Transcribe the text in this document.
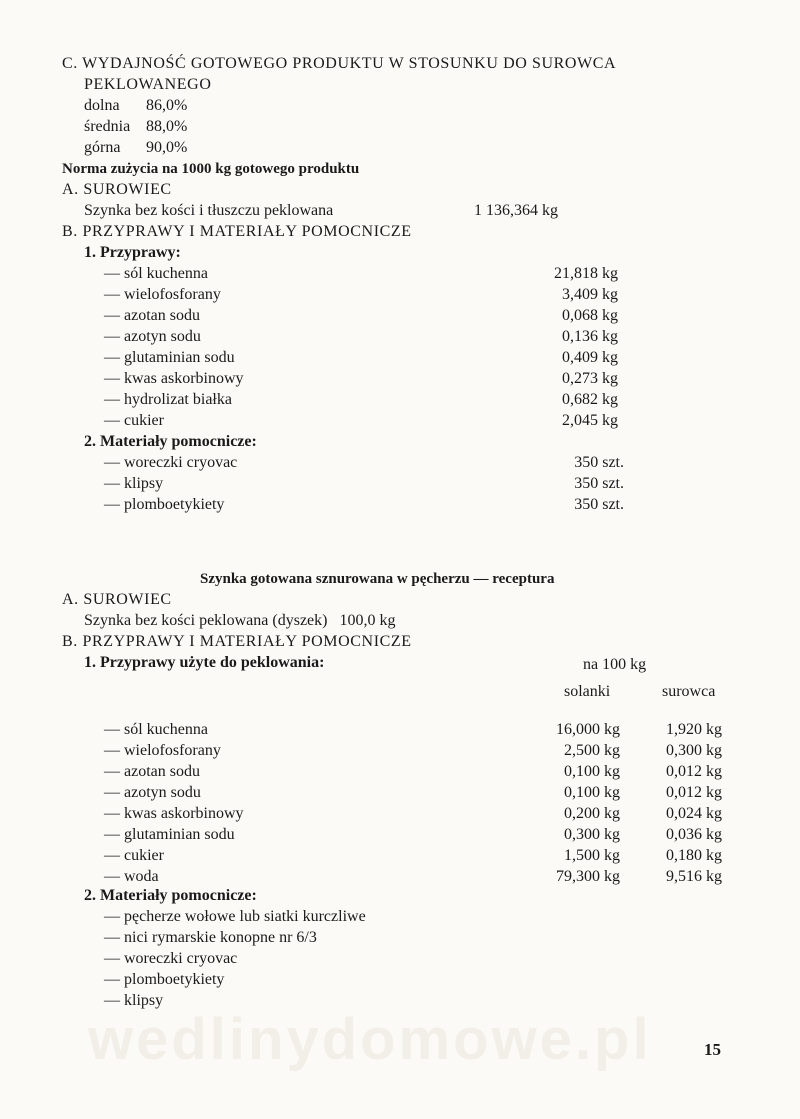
wedlinydomowe.pl
C. WYDAJNOŚĆ GOTOWEGO PRODUKTU W STOSUNKU DO SUROWCA
PEKLOWANEGO
dolna 86,0%
średnia 88,0%
górna 90,0%
Norma zużycia na 1000 kg gotowego produktu
A. SUROWIEC
Szynka bez kości i tłuszczu peklowana	1 136,364 kg
B. PRZYPRAWY I MATERIAŁY POMOCNICZE
1. Przyprawy:
— sól kuchenna	21,818 kg
— wielofosforany	3,409 kg
— azotan sodu	0,068 kg
— azotyn sodu	0,136 kg
— glutaminian sodu	0,409 kg
— kwas askorbinowy	0,273 kg
— hydrolizat białka	0,682 kg
— cukier	2,045 kg
2. Materiały pomocnicze:
— woreczki cryovac	350 szt.
— klipsy	350 szt.
— plomboetykiety	350 szt.
Szynka gotowana sznurowana w pęcherzu — receptura
A. SUROWIEC
Szynka bez kości peklowana (dyszek)   100,0 kg
B. PRZYPRAWY I MATERIAŁY POMOCNICZE
1. Przyprawy użyte do peklowania:	na 100 kg
solanki	surowca
— sól kuchenna	16,000 kg	1,920 kg
— wielofosforany	2,500 kg	0,300 kg
— azotan sodu	0,100 kg	0,012 kg
— azotyn sodu	0,100 kg	0,012 kg
— kwas askorbinowy	0,200 kg	0,024 kg
— glutaminian sodu	0,300 kg	0,036 kg
— cukier	1,500 kg	0,180 kg
— woda	79,300 kg	9,516 kg
2. Materiały pomocnicze:
— pęcherze wołowe lub siatki kurczliwe
— nici rymarskie konopne nr 6/3
— woreczki cryovac
— plomboetykiety
— klipsy
15
